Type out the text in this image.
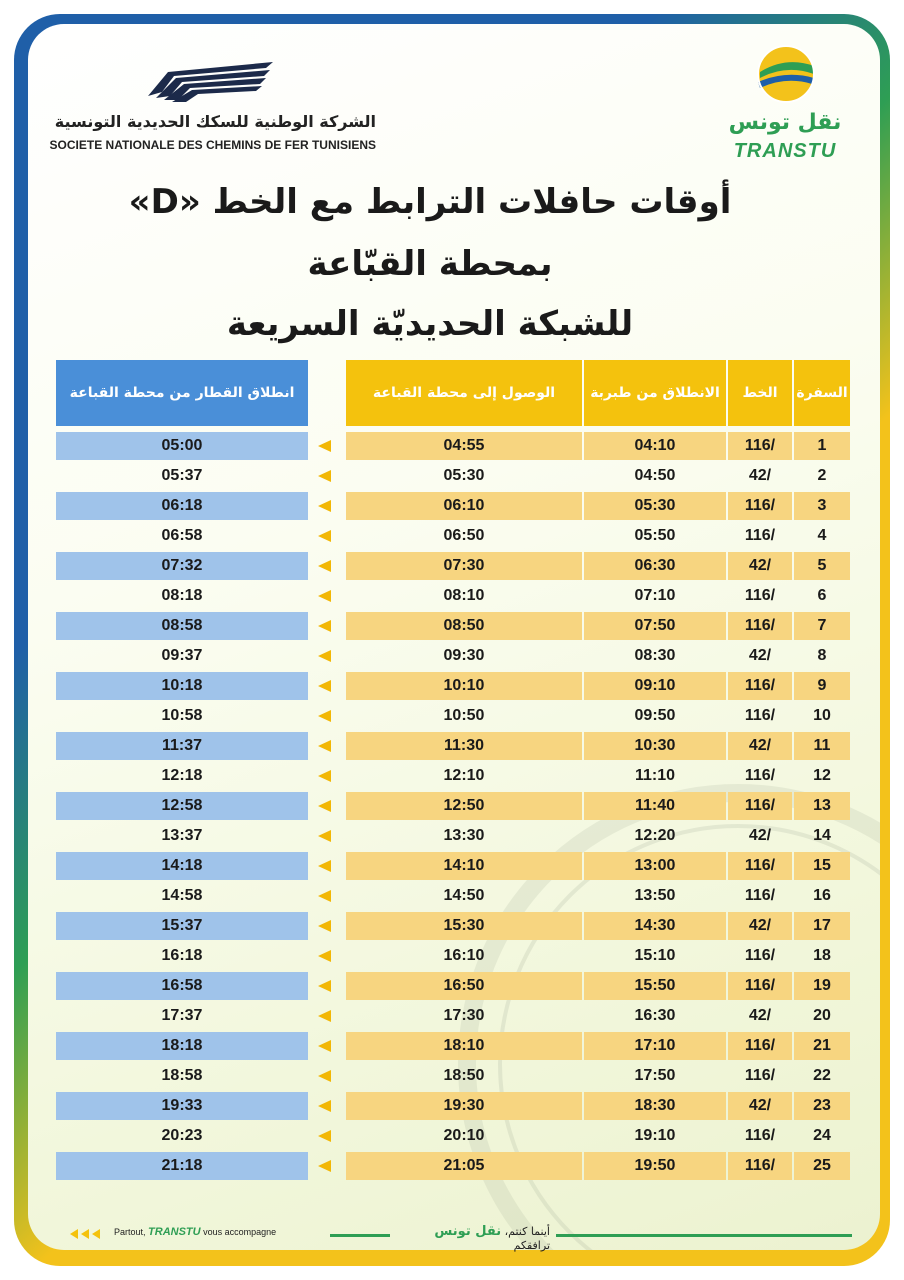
الشركة الوطنية للسكك الحديدية التونسية
SOCIETE NATIONALE DES CHEMINS DE FER TUNISIENS
نقل تونس
TRANSTU
أوقات حافلات الترابط مع الخط «D»
بمحطة القبّاعة
للشبكة الحديديّة السريعة
السفرة
الخط
الانطلاق من طبربة
الوصول إلى محطة القباعة
انطلاق القطار من محطة القباعة
1
116/
04:10
04:55
05:00
2
42/
04:50
05:30
05:37
3
116/
05:30
06:10
06:18
4
116/
05:50
06:50
06:58
5
42/
06:30
07:30
07:32
6
116/
07:10
08:10
08:18
7
116/
07:50
08:50
08:58
8
42/
08:30
09:30
09:37
9
116/
09:10
10:10
10:18
10
116/
09:50
10:50
10:58
11
42/
10:30
11:30
11:37
12
116/
11:10
12:10
12:18
13
116/
11:40
12:50
12:58
14
42/
12:20
13:30
13:37
15
116/
13:00
14:10
14:18
16
116/
13:50
14:50
14:58
17
42/
14:30
15:30
15:37
18
116/
15:10
16:10
16:18
19
116/
15:50
16:50
16:58
20
42/
16:30
17:30
17:37
21
116/
17:10
18:10
18:18
22
116/
17:50
18:50
18:58
23
42/
18:30
19:30
19:33
24
116/
19:10
20:10
20:23
25
116/
19:50
21:05
21:18
Partout, TRANSTU vous accompagne	أينما كنتم، نقل تونس ترافقكم
